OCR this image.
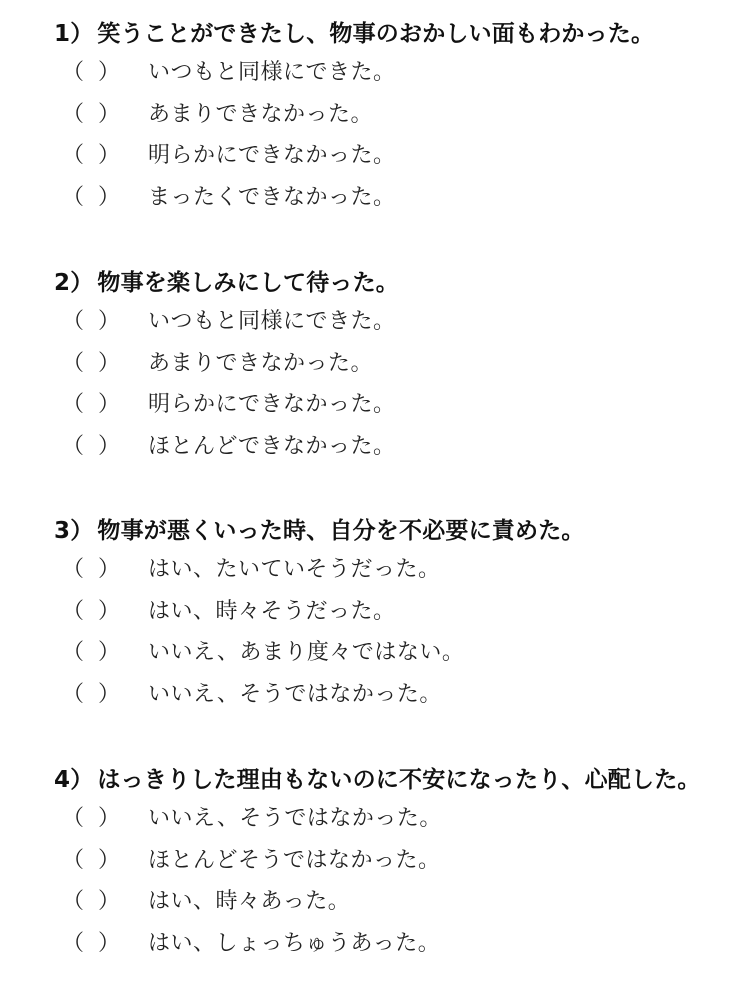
1） 笑うことができたし、物事のおかしい面もわかった。
（ ） いつもと同様にできた。
（ ） あまりできなかった。
（ ） 明らかにできなかった。
（ ） まったくできなかった。
2） 物事を楽しみにして待った。
（ ） いつもと同様にできた。
（ ） あまりできなかった。
（ ） 明らかにできなかった。
（ ） ほとんどできなかった。
3） 物事が悪くいった時、自分を不必要に責めた。
（ ） はい、たいていそうだった。
（ ） はい、時々そうだった。
（ ） いいえ、あまり度々ではない。
（ ） いいえ、そうではなかった。
4） はっきりした理由もないのに不安になったり、心配した。
（ ） いいえ、そうではなかった。
（ ） ほとんどそうではなかった。
（ ） はい、時々あった。
（ ） はい、しょっちゅうあった。
